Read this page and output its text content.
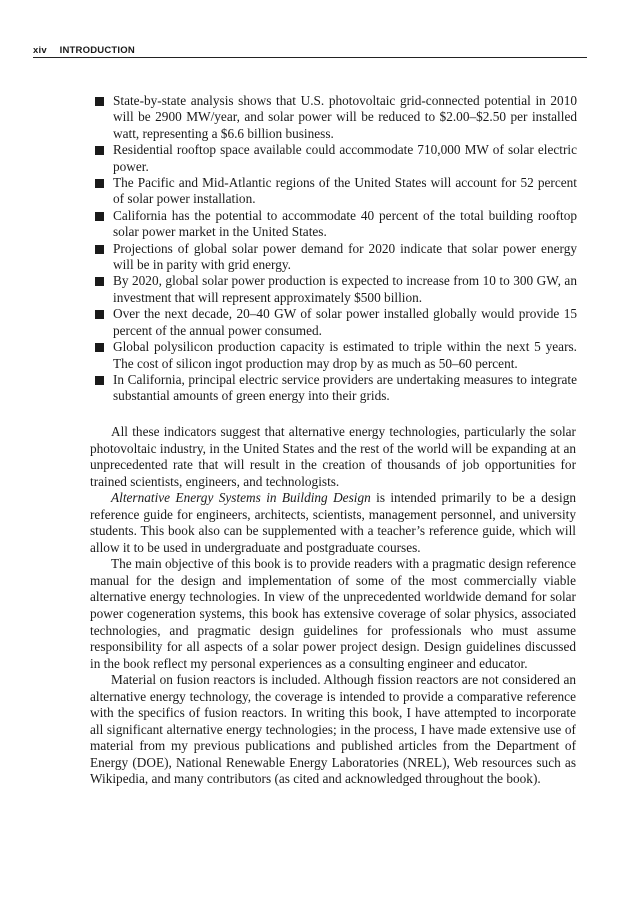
xiv INTRODUCTION
State-by-state analysis shows that U.S. photovoltaic grid-connected potential in 2010 will be 2900 MW/year, and solar power will be reduced to $2.00–$2.50 per installed watt, representing a $6.6 billion business.
Residential rooftop space available could accommodate 710,000 MW of solar electric power.
The Pacific and Mid-Atlantic regions of the United States will account for 52 percent of solar power installation.
California has the potential to accommodate 40 percent of the total building rooftop solar power market in the United States.
Projections of global solar power demand for 2020 indicate that solar power energy will be in parity with grid energy.
By 2020, global solar power production is expected to increase from 10 to 300 GW, an investment that will represent approximately $500 billion.
Over the next decade, 20–40 GW of solar power installed globally would provide 15 percent of the annual power consumed.
Global polysilicon production capacity is estimated to triple within the next 5 years. The cost of silicon ingot production may drop by as much as 50–60 percent.
In California, principal electric service providers are undertaking measures to integrate substantial amounts of green energy into their grids.

All these indicators suggest that alternative energy technologies, particularly the solar photovoltaic industry, in the United States and the rest of the world will be expanding at an unprecedented rate that will result in the creation of thousands of job opportunities for trained scientists, engineers, and technologists.

Alternative Energy Systems in Building Design is intended primarily to be a design reference guide for engineers, architects, scientists, management personnel, and university students. This book also can be supplemented with a teacher’s reference guide, which will allow it to be used in undergraduate and postgraduate courses.

The main objective of this book is to provide readers with a pragmatic design reference manual for the design and implementation of some of the most commercially viable alternative energy technologies. In view of the unprecedented worldwide demand for solar power cogeneration systems, this book has extensive coverage of solar physics, associated technologies, and pragmatic design guidelines for professionals who must assume responsibility for all aspects of a solar power project design. Design guidelines discussed in the book reflect my personal experiences as a consulting engineer and educator.

Material on fusion reactors is included. Although fission reactors are not considered an alternative energy technology, the coverage is intended to provide a comparative reference with the specifics of fusion reactors. In writing this book, I have attempted to incorporate all significant alternative energy technologies; in the process, I have made extensive use of material from my previous publications and published articles from the Department of Energy (DOE), National Renewable Energy Laboratories (NREL), Web resources such as Wikipedia, and many contributors (as cited and acknowledged throughout the book).
